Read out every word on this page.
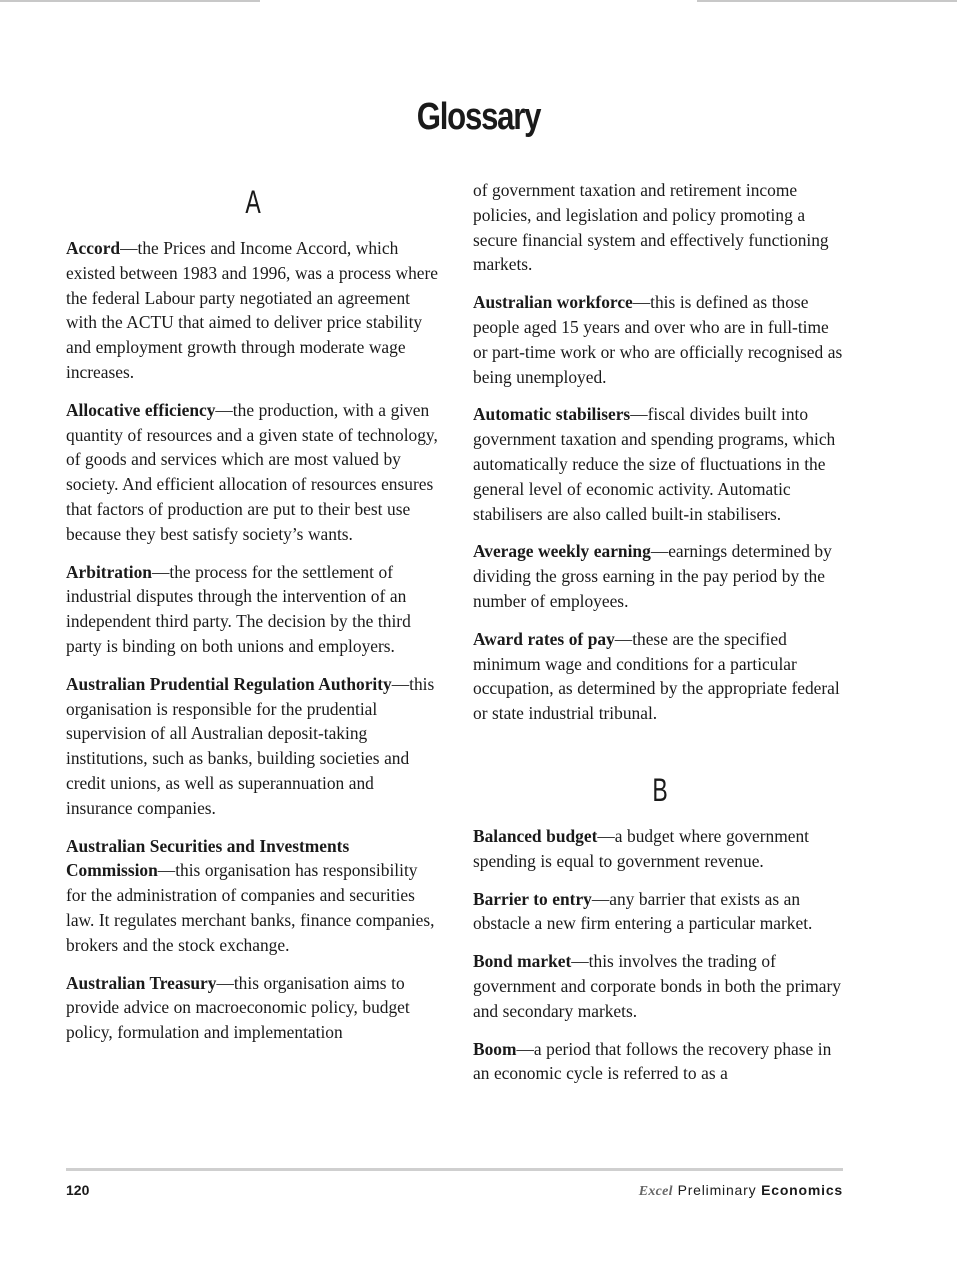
Glossary
A

Accord—the Prices and Income Accord, which existed between 1983 and 1996, was a process where the federal Labour party negotiated an agreement with the ACTU that aimed to deliver price stability and employment growth through moderate wage increases.

Allocative efficiency—the production, with a given quantity of resources and a given state of technology, of goods and services which are most valued by society. And efficient allocation of resources ensures that factors of production are put to their best use because they best satisfy society’s wants.

Arbitration—the process for the settlement of industrial disputes through the intervention of an independent third party. The decision by the third party is binding on both unions and employers.

Australian Prudential Regulation Authority—this organisation is responsible for the prudential supervision of all Australian deposit-taking institutions, such as banks, building societies and credit unions, as well as superannuation and insurance companies.

Australian Securities and Investments Commission—this organisation has responsibility for the administration of companies and securities law. It regulates merchant banks, finance companies, brokers and the stock exchange.

Australian Treasury—this organisation aims to provide advice on macroeconomic policy, budget policy, formulation and implementation

of government taxation and retirement income policies, and legislation and policy promoting a secure financial system and effectively functioning markets.

Australian workforce—this is defined as those people aged 15 years and over who are in full-time or part-time work or who are officially recognised as being unemployed.

Automatic stabilisers—fiscal divides built into government taxation and spending programs, which automatically reduce the size of fluctuations in the general level of economic activity. Automatic stabilisers are also called built-in stabilisers.

Average weekly earning—earnings determined by dividing the gross earning in the pay period by the number of employees.

Award rates of pay—these are the specified minimum wage and conditions for a particular occupation, as determined by the appropriate federal or state industrial tribunal.

B

Balanced budget—a budget where government spending is equal to government revenue.

Barrier to entry—any barrier that exists as an obstacle a new firm entering a particular market.

Bond market—this involves the trading of government and corporate bonds in both the primary and secondary markets.

Boom—a period that follows the recovery phase in an economic cycle is referred to as a

120	Excel Preliminary Economics
